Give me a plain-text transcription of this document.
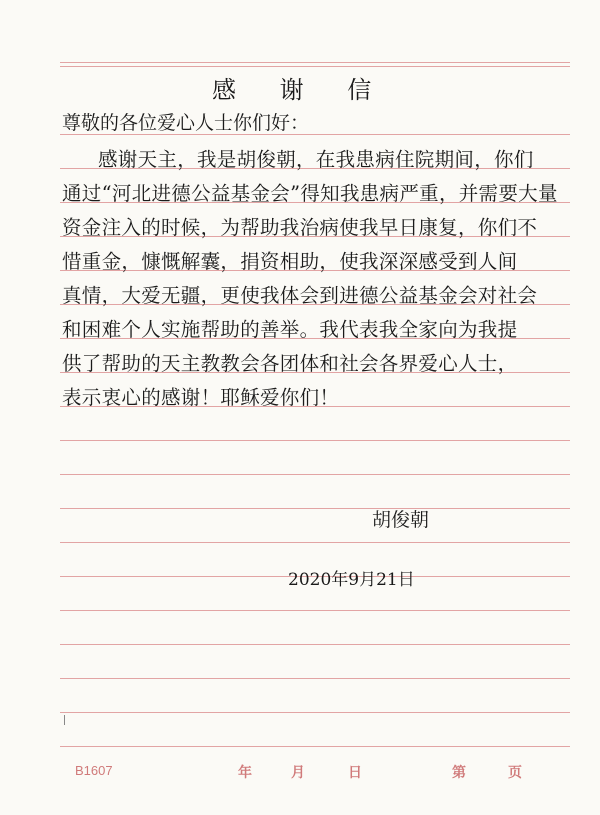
感 谢 信
尊敬的各位爱心人士你们好：
感谢天主，我是胡俊朝，在我患病住院期间，你们
通过“河北进德公益基金会”得知我患病严重，并需要大量
资金注入的时候，为帮助我治病使我早日康复，你们不
惜重金，慷慨解囊，捐资相助，使我深深感受到人间
真情，大爱无疆，更使我体会到进德公益基金会对社会
和困难个人实施帮助的善举。我代表我全家向为我提
供了帮助的天主教教会各团体和社会各界爱心人士，
表示衷心的感谢！耶稣爱你们！
胡俊朝
2020年9月21日
B1607	年	月	日	第	页
